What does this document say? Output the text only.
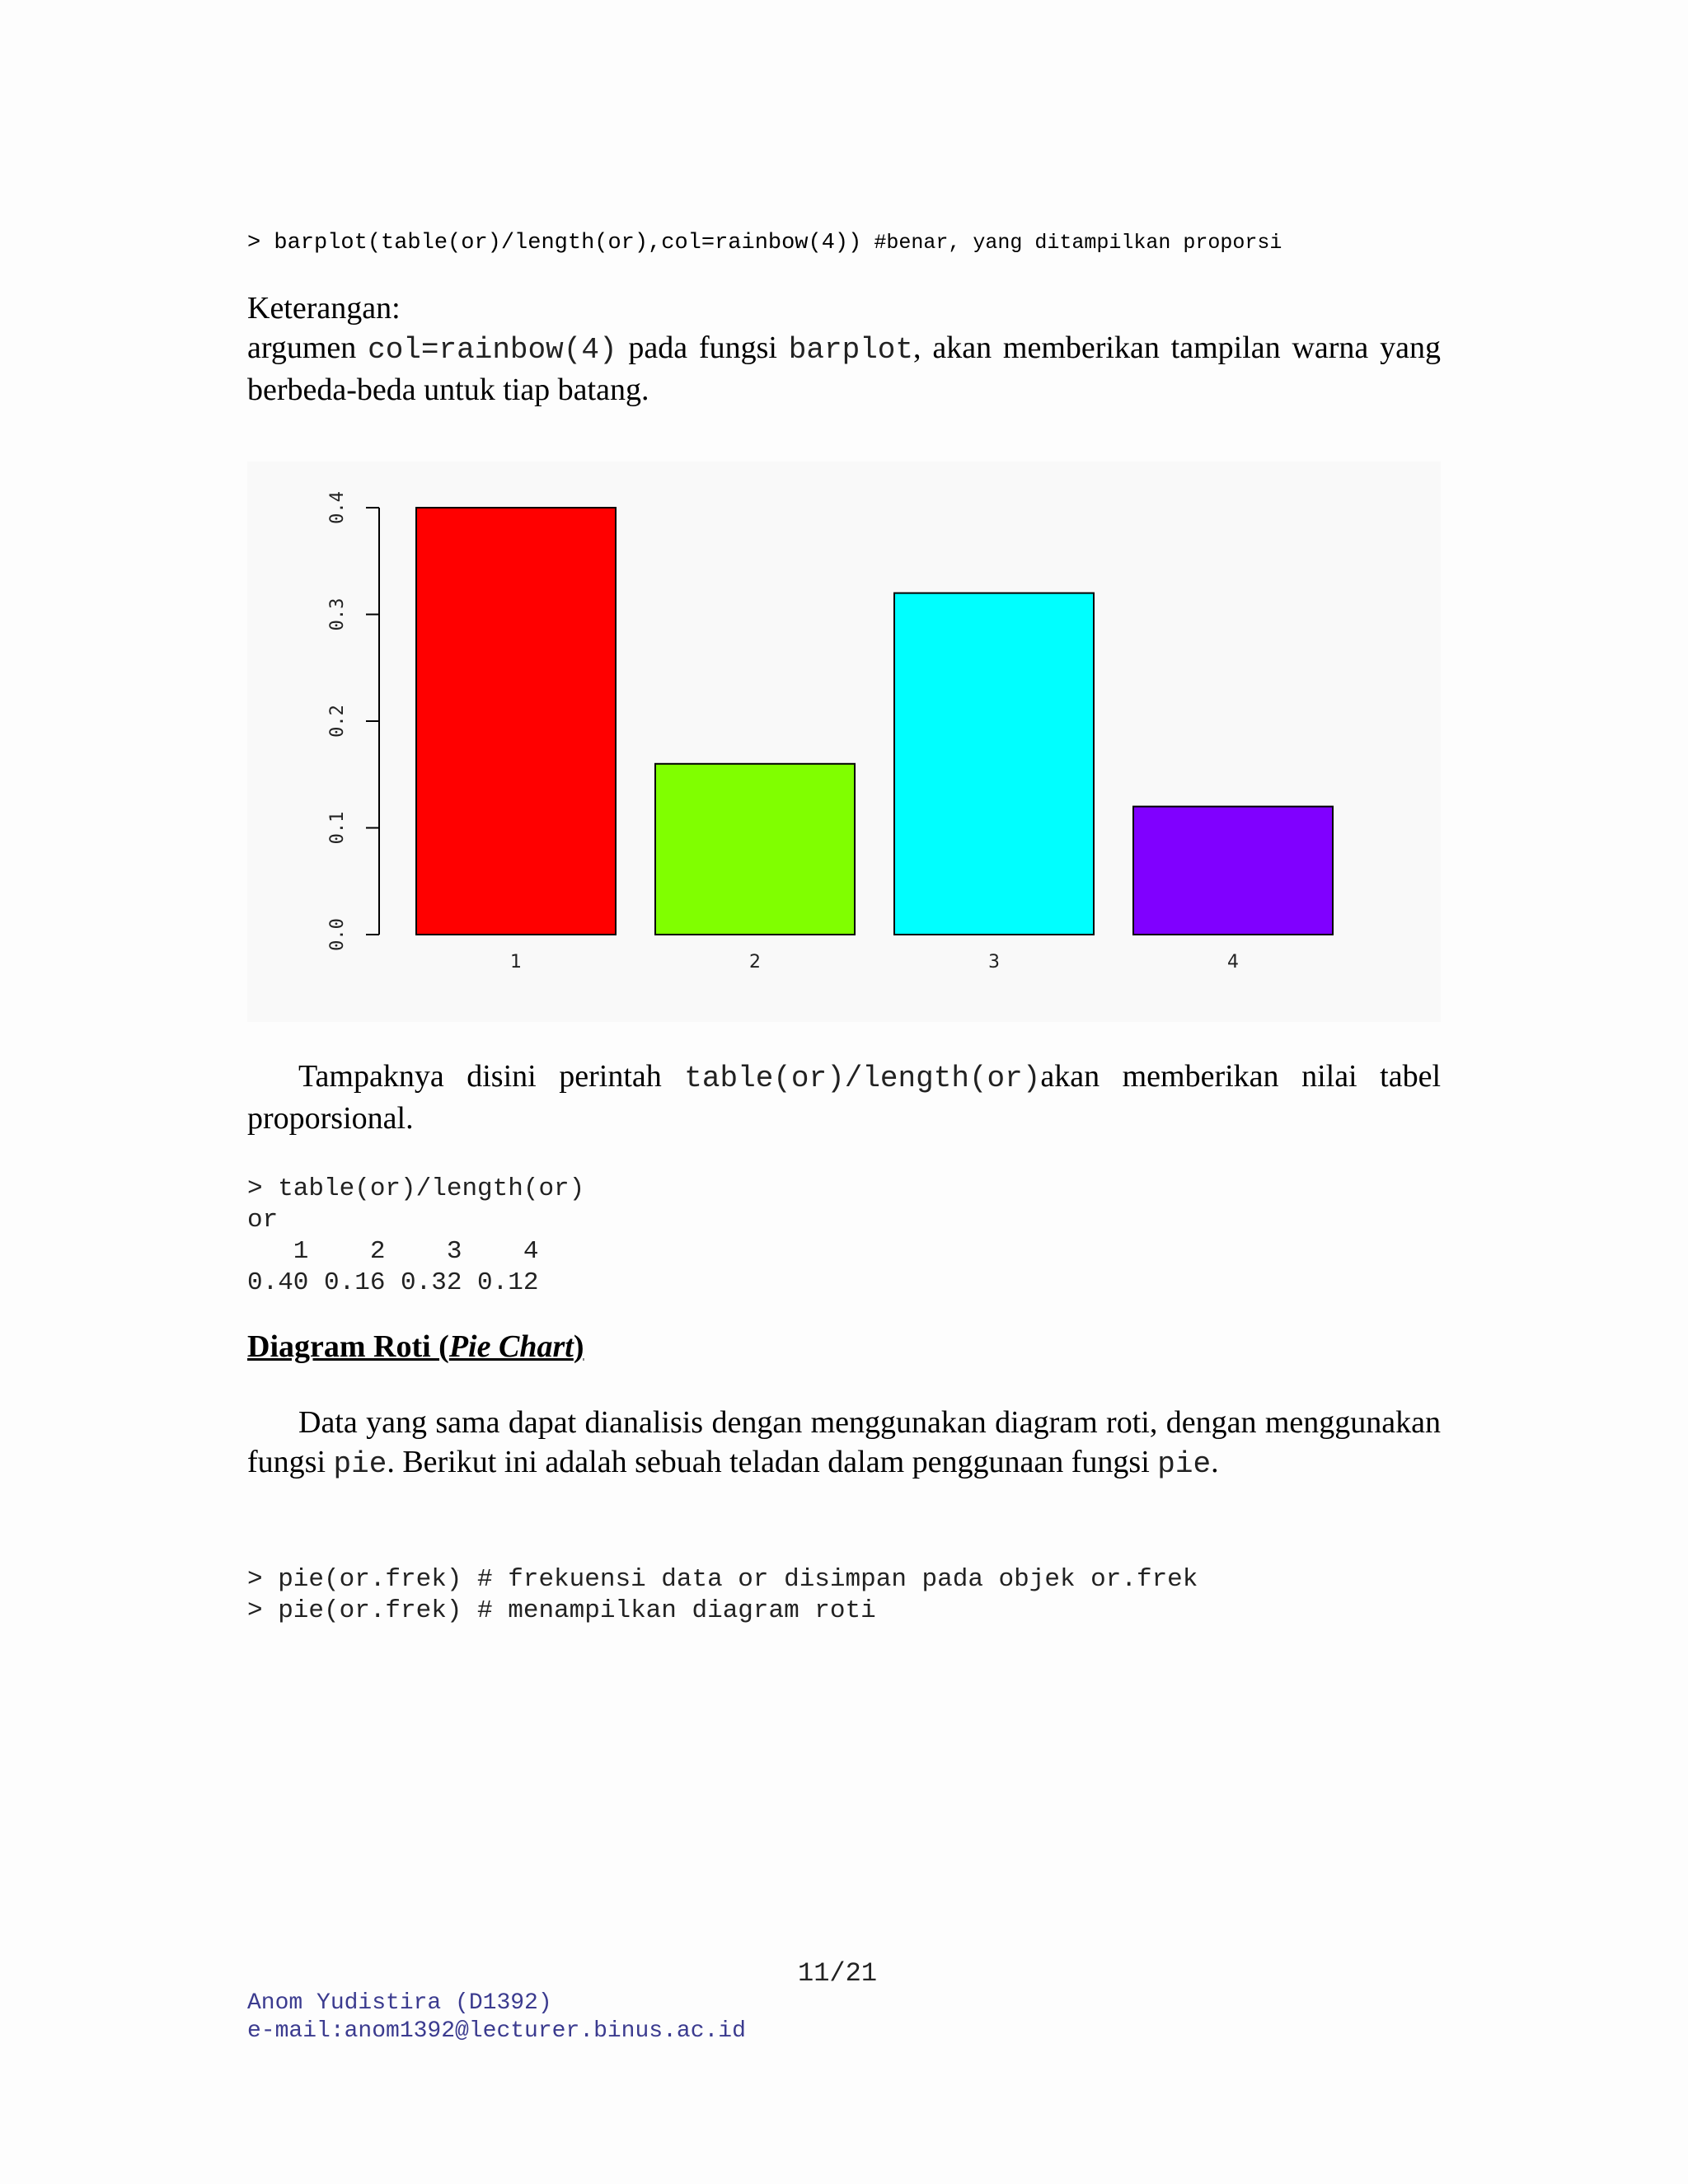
> barplot(table(or)/length(or),col=rainbow(4)) #benar, yang ditampilkan proporsi
Keterangan:
argumen col=rainbow(4) pada fungsi barplot, akan memberikan tampilan warna yang berbeda-beda untuk tiap batang.
0.0
0.1
0.2
0.3
0.4
1	2	3	4
Tampaknya disini perintah table(or)/length(or)akan memberikan nilai tabel proporsional.
> table(or)/length(or)
or
1    2    3    4
0.40 0.16 0.32 0.12
Diagram Roti (Pie Chart)
Data yang sama dapat dianalisis dengan menggunakan diagram roti, dengan menggunakan fungsi pie. Berikut ini adalah sebuah teladan dalam penggunaan fungsi pie.
> pie(or.frek) # frekuensi data or disimpan pada objek or.frek
> pie(or.frek) # menampilkan diagram roti
11/21
Anom Yudistira (D1392)
e-mail:anom1392@lecturer.binus.ac.id
